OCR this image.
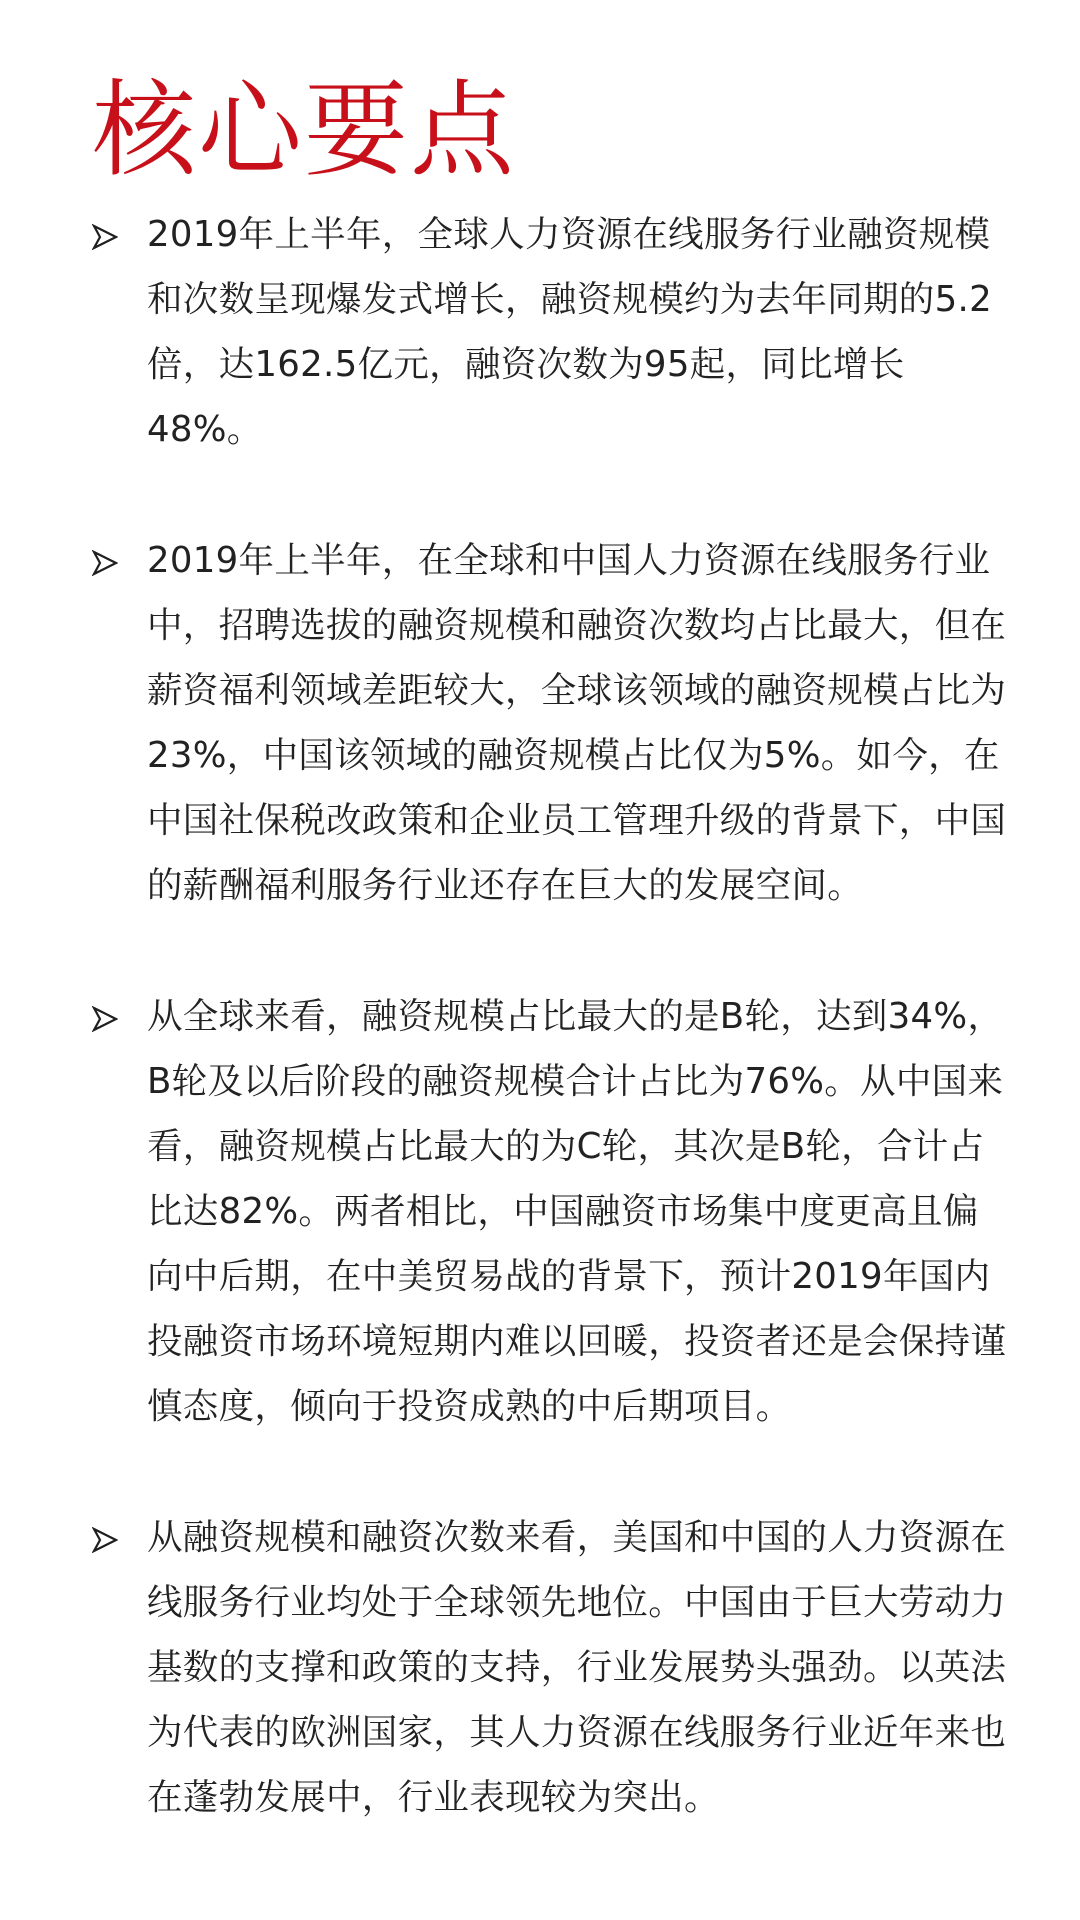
核心要点
2019年上半年，全球人力资源在线服务行业融资规模和次数呈现爆发式增长，融资规模约为去年同期的5.2倍，达162.5亿元，融资次数为95起，同比增长48%。
2019年上半年，在全球和中国人力资源在线服务行业中，招聘选拔的融资规模和融资次数均占比最大，但在薪资福利领域差距较大，全球该领域的融资规模占比为23%，中国该领域的融资规模占比仅为5%。如今，在中国社保税改政策和企业员工管理升级的背景下，中国的薪酬福利服务行业还存在巨大的发展空间。
从全球来看，融资规模占比最大的是B轮，达到34%，B轮及以后阶段的融资规模合计占比为76%。从中国来看，融资规模占比最大的为C轮，其次是B轮，合计占比达82%。两者相比，中国融资市场集中度更高且偏向中后期，在中美贸易战的背景下，预计2019年国内投融资市场环境短期内难以回暖，投资者还是会保持谨慎态度，倾向于投资成熟的中后期项目。
从融资规模和融资次数来看，美国和中国的人力资源在线服务行业均处于全球领先地位。中国由于巨大劳动力基数的支撑和政策的支持，行业发展势头强劲。以英法为代表的欧洲国家，其人力资源在线服务行业近年来也在蓬勃发展中，行业表现较为突出。
